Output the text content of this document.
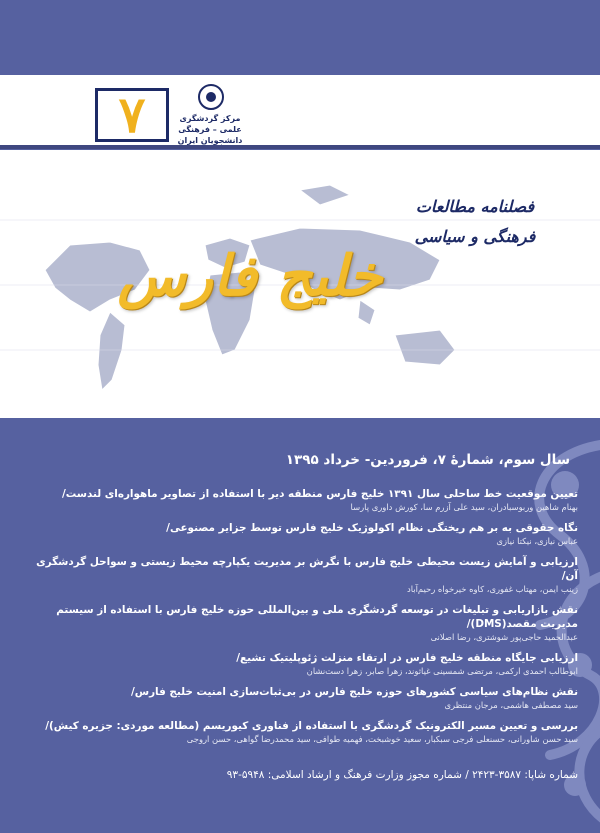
۷	مرکز گردشگری علمی – فرهنگی دانشجویان ایران
فصلنامه مطالعات فرهنگی و سیاسی
خلیج فارس
سال سوم، شمارهٔ ۷، فروردین- خرداد ۱۳۹۵
تعیین موقعیت خط ساحلی سال ۱۳۹۱ خلیج فارس منطقه دیر با استفاده از تصاویر ماهواره‌ای لندست/
بهنام شاهین وربوسبادران، سید علی آزرم سا، کورش داوری پارسا
نگاه حقوقی به بر هم ریختگی نظام اکولوژیک خلیج فارس توسط جزایر مصنوعی/
عباس نیازی، نیکتا نیازی
ارزیابی و آمایش زیست محیطی خلیج فارس با نگرش بر مدیریت یکپارچه محیط زیستی و سواحل گردشگری آن/
زینب ایمن، مهتاب غفوری، کاوه خیرخواه رحیم‌آباد
نقش بازاریابی و تبلیغات در توسعه گردشگری ملی و بین‌المللی حوزه خلیج فارس با استفاده از سیستم مدیریت مقصد(DMS)/
عبدالحمید حاجی‌پور شوشتری، رضا اصلانی
ارزیابی جایگاه منطقه خلیج فارس در ارتقاء منزلت ژئوپلیتیک تشیع/
ابوطالب احمدی ارکمی، مرتضی شمسینی غیاثوند، زهرا صابر، زهرا دست‌نشان
نقش نظام‌های سیاسی کشورهای حوزه خلیج فارس در بی‌ثبات‌سازی امنیت خلیج فارس/
سید مصطفی هاشمی، مرجان منتظری
بررسی و تعیین مسیر الکترونیک گردشگری با استفاده از فناوری کیوریسم (مطالعه موردی: جزیره کیش)/
سید حسن شاورانی، حسنعلی فرجی سبکبار، سعید خوشبخت، فهمیه طوافی، سید محمدرضا گواهی، حسن اروجی
شماره شاپا: ۳۵۸۷-۲۴۲۳ / شماره مجوز وزارت فرهنگ و ارشاد اسلامی: ۵۹۴۸-۹۳
